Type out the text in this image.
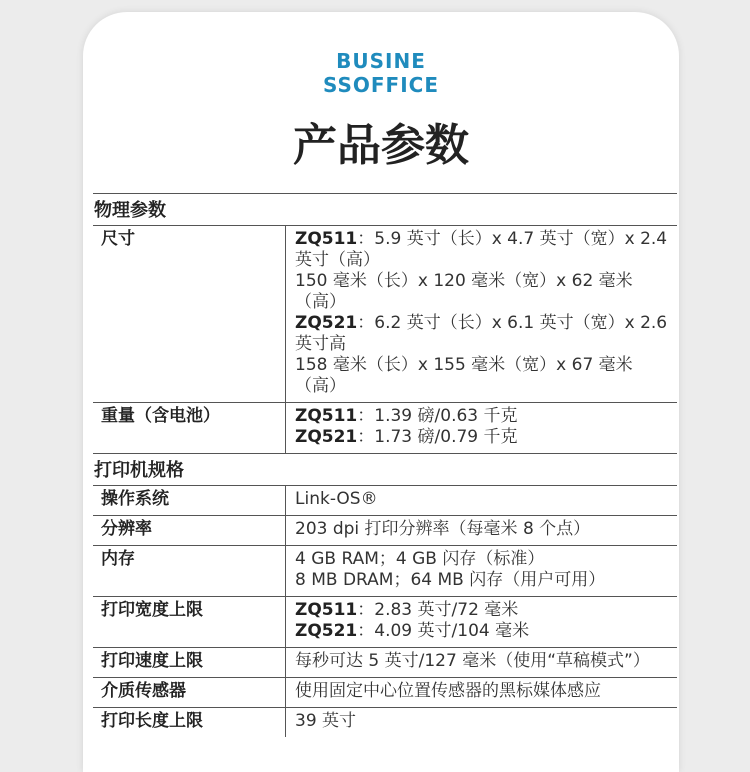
BUSINE
SSOFFICE
产品参数
物理参数	
尺寸	ZQ511：5.9 英寸（长）x 4.7 英寸（宽）x 2.4 英寸（高）
150 毫米（长）x 120 毫米（宽）x 62 毫米（高）
ZQ521：6.2 英寸（长）x 6.1 英寸（宽）x 2.6 英寸高
158 毫米（长）x 155 毫米（宽）x 67 毫米（高）

重量（含电池）	ZQ511：1.39 磅/0.63 千克
ZQ521：1.73 磅/0.79 千克

打印机规格	
操作系统	Link-OS®

分辨率	203 dpi 打印分辨率（每毫米 8 个点）

内存	4 GB RAM；4 GB 闪存（标准）
8 MB DRAM；64 MB 闪存（用户可用）

打印宽度上限	ZQ511：2.83 英寸/72 毫米
ZQ521：4.09 英寸/104 毫米

打印速度上限	每秒可达 5 英寸/127 毫米（使用“草稿模式”）

介质传感器	使用固定中心位置传感器的黑标媒体感应

打印长度上限	39 英寸
